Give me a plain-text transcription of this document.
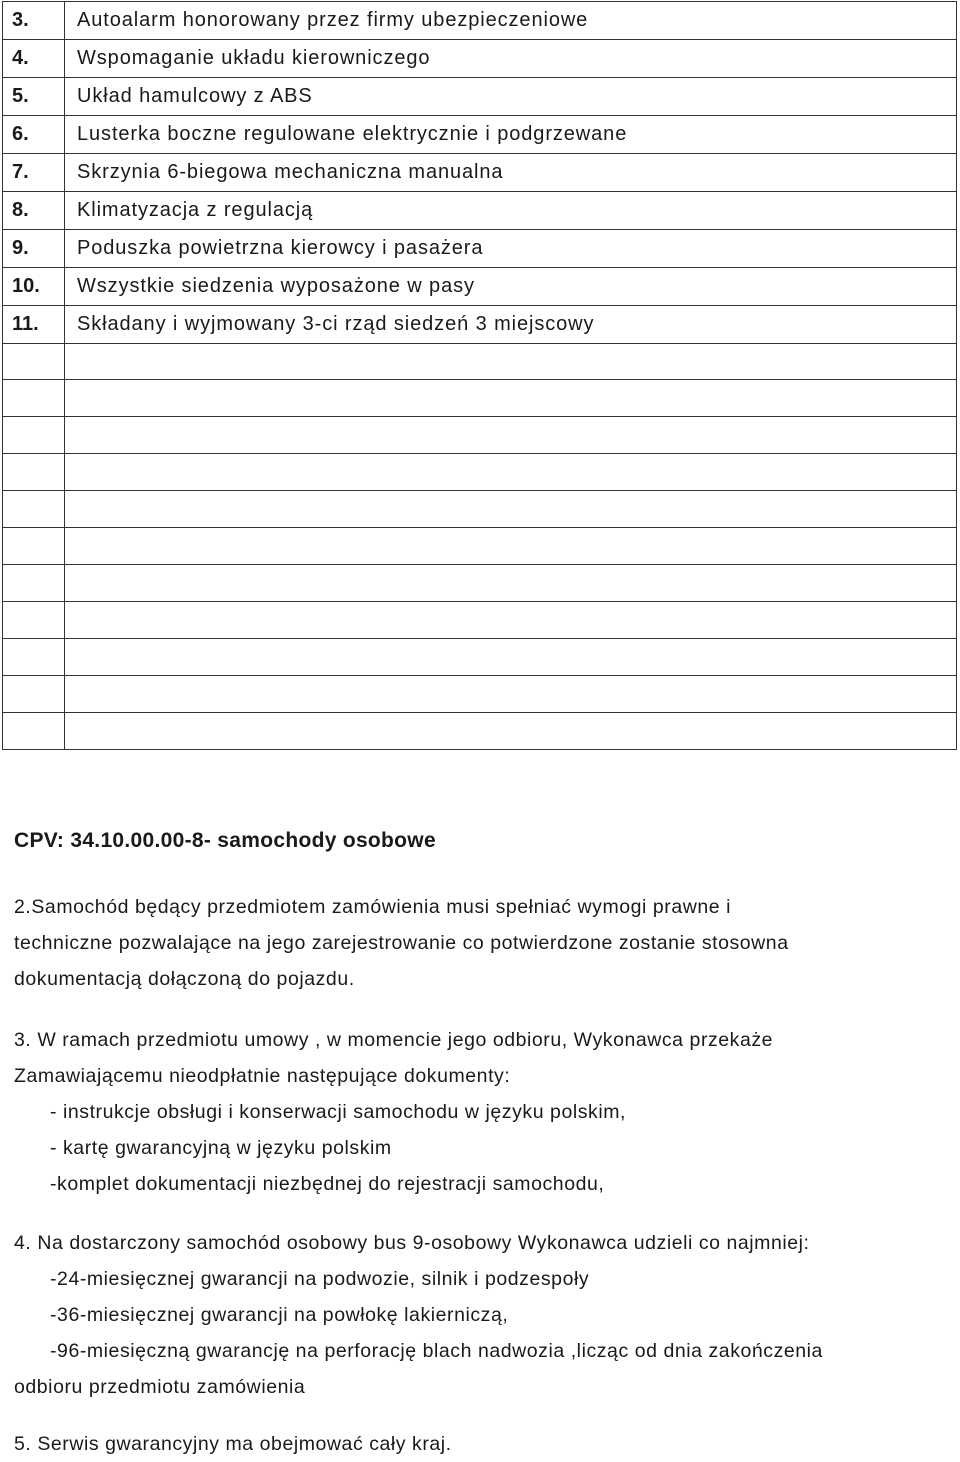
3.	Autoalarm honorowany przez firmy ubezpieczeniowe
4.	Wspomaganie układu kierowniczego
5.	Układ hamulcowy z ABS
6.	Lusterka boczne regulowane elektrycznie i podgrzewane
7.	Skrzynia 6-biegowa mechaniczna manualna
8.	Klimatyzacja z regulacją
9.	Poduszka powietrzna kierowcy i pasażera
10.	Wszystkie siedzenia wyposażone w pasy
11.	Składany i wyjmowany 3-ci rząd siedzeń 3 miejscowy

CPV: 34.10.00.00-8- samochody osobowe
2.Samochód będący przedmiotem zamówienia musi spełniać wymogi prawne i
techniczne pozwalające na jego zarejestrowanie co potwierdzone zostanie stosowna
dokumentacją dołączoną do pojazdu.
3. W ramach przedmiotu umowy , w momencie jego odbioru, Wykonawca przekaże
Zamawiającemu nieodpłatnie następujące dokumenty:
- instrukcje obsługi i konserwacji samochodu w języku polskim,
- kartę gwarancyjną w języku polskim
-komplet dokumentacji niezbędnej do rejestracji samochodu,
4. Na dostarczony samochód osobowy bus 9-osobowy Wykonawca udzieli co najmniej:
-24-miesięcznej gwarancji na podwozie, silnik i podzespoły
-36-miesięcznej gwarancji na powłokę lakierniczą,
-96-miesięczną gwarancję na perforację blach nadwozia ,licząc od dnia zakończenia
odbioru przedmiotu zamówienia
5. Serwis gwarancyjny ma obejmować cały kraj.
